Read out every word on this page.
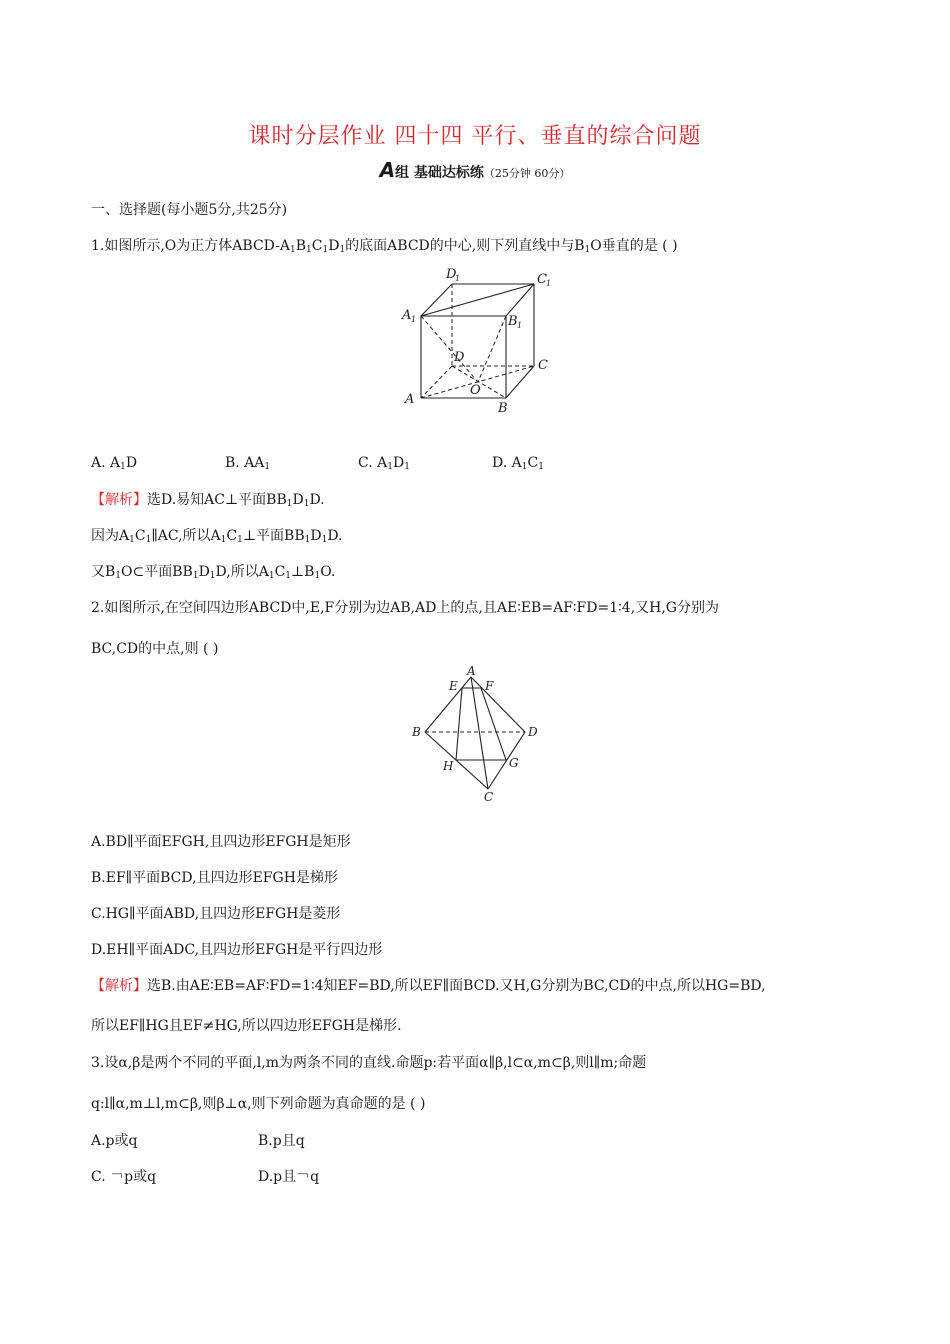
课时分层作业 四十四 平行、垂直的综合问题
A组 基础达标练（25分钟 60分）
一、选择题(每小题5分,共25分)
1.如图所示,O为正方体ABCD-$A_1B_1C_1D_1$的底面ABCD的中心,则下列直线中与$B_1O$垂直的是 ( )
D
1	C 1
A 1	B 1
D
C
A
B
O
A. $A_1D$	B. $AA_1$	C. $A_1D_1$	D. $A_1C_1$
【解析】选D.易知AC⊥平面$BB_1D_1D$.
因为$A_1C_1\parallel AC$,所以$A_1C_1\perp$平面$BB_1D_1D$.
又$B_1O\subset$平面$BB_1D_1D$,所以$A_1C_1\perp B_1O$.
2.如图所示,在空间四边形ABCD中,E,F分别为边AB,AD上的点,且AE∶EB=AF∶FD=1∶4,又H,G分别为
BC,CD的中点,则 ( )
A
E F
B	D
H	G
C
A.BD∥平面EFGH,且四边形EFGH是矩形
B.EF∥平面BCD,且四边形EFGH是梯形
C.HG∥平面ABD,且四边形EFGH是菱形
D.EH∥平面ADC,且四边形EFGH是平行四边形
【解析】选B.由AE∶EB=AF∶FD=1∶4知EF=BD,所以EF∥面BCD.又H,G分别为BC,CD的中点,所以HG=BD,
所以EF∥HG且EF≠HG,所以四边形EFGH是梯形.
3.设α,β是两个不同的平面,l,m为两条不同的直线.命题p:若平面α∥β,l⊂α,m⊂β,则l∥m;命题
q:l∥α,m⊥l,m⊂β,则β⊥α,则下列命题为真命题的是 ( )
A.p或q	B.p且q
C. ￢p或q	D.p且￢q
